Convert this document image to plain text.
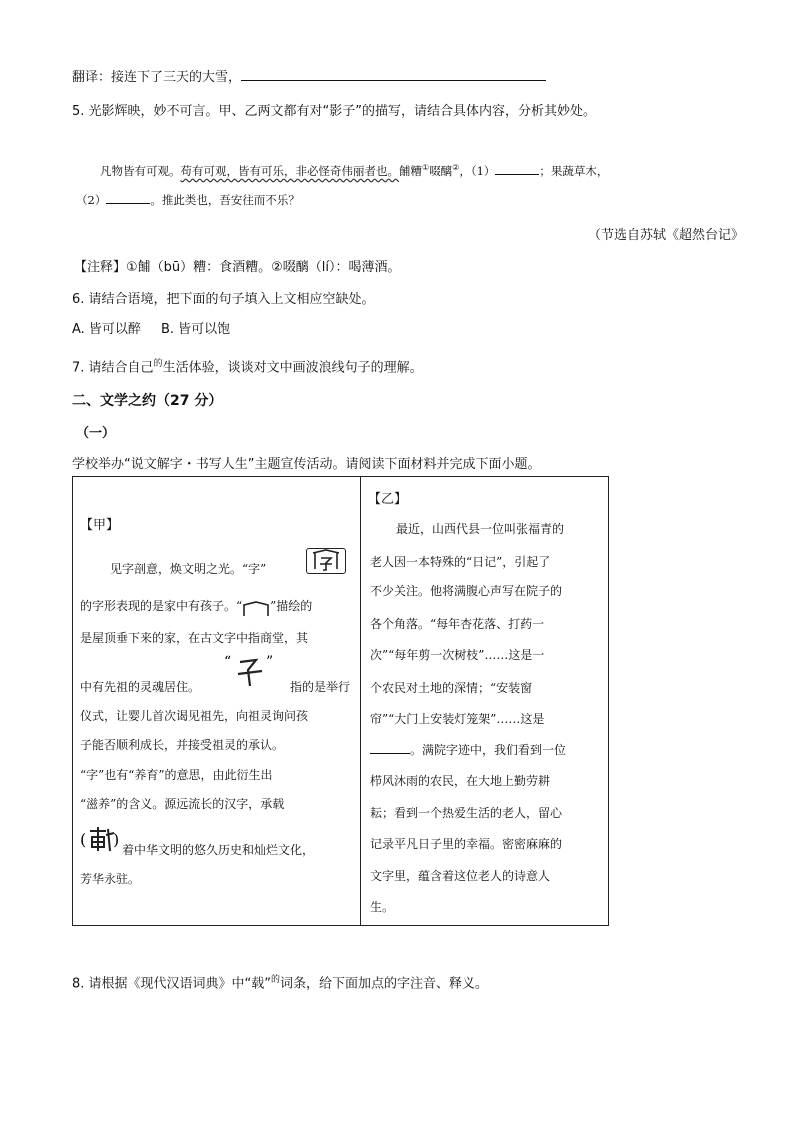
翻译：接连下了三天的大雪，
5. 光影辉映，妙不可言。甲、乙两文都有对“影子”的描写，请结合具体内容，分析其妙处。
凡物皆有可观。苟有可观，皆有可乐，非必怪奇伟丽者也。餔糟①啜醨②，（1）	；果蔬草木，
（2）	。推此类也，吾安往而不乐？
（节选自苏轼《超然台记》
【注释】①餔（bū）糟：食酒糟。②啜醨（lí）：喝薄酒。
6. 请结合语境，把下面的句子填入上文相应空缺处。
A. 皆可以醉 B. 皆可以饱
7. 请结合自己$^的$生活体验，谈谈对文中画波浪线句子的理解。
二、文学之约（27 分）
（一）
学校举办“说文解字・书写人生”主题宣传活动。请阅读下面材料并完成下面小题。
【甲】
见字剖意，焕文明之光。“字”
的字形表现的是家中有孩子。“ ”描绘的
是屋顶垂下来的家，在古文字中指商堂，其
中有先祖的灵魂居住。
“ ”
指的是举行
仪式，让婴儿首次谒见祖先，向祖灵询问孩
子能否顺利成长，并接受祖灵的承认。
“字”也有“养育”的意思，由此衍生出
“滋养”的含义。源远流长的汉字，承载
( )
着中华文明的悠久历史和灿烂文化，
芳华永驻。
【乙】
最近，山西代县一位叫张福青的
老人因一本特殊的“日记”，引起了
不少关注。他将满腹心声写在院子的
各个角落。“每年杏花落、打药一
次”“每年剪一次树枝”……这是一
个农民对土地的深情；“安装窗
帘”“大门上安装灯笼架”……这是
。满院字迹中，我们看到一位
栉风沐雨的农民，在大地上勤劳耕
耘；看到一个热爱生活的老人，留心
记录平凡日子里的幸福。密密麻麻的
文字里，蕴含着这位老人的诗意人
生。
8. 请根据《现代汉语词典》中“载”$^的$词条，给下面加点的字注音、释义。
